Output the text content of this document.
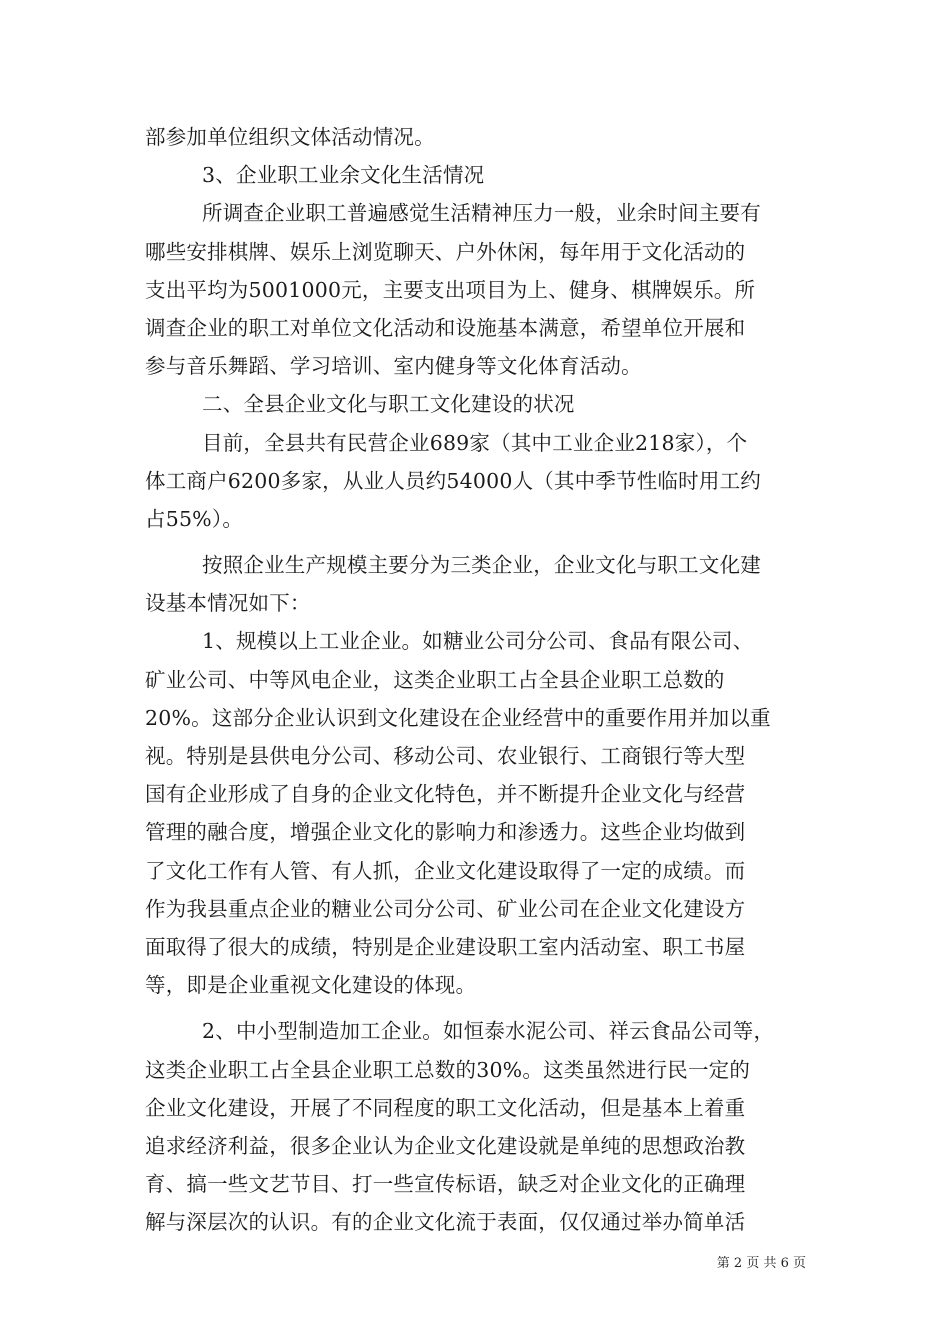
部参加单位组织文体活动情况。
3、企业职工业余文化生活情况
所调查企业职工普遍感觉生活精神压力一般，业余时间主要有
哪些安排棋牌、娱乐上浏览聊天、户外休闲，每年用于文化活动的
支出平均为5001000元，主要支出项目为上、健身、棋牌娱乐。所
调查企业的职工对单位文化活动和设施基本满意，希望单位开展和
参与音乐舞蹈、学习培训、室内健身等文化体育活动。
二、全县企业文化与职工文化建设的状况
目前，全县共有民营企业689家（其中工业企业218家），个
体工商户6200多家，从业人员约54000人（其中季节性临时用工约
占55%）。
按照企业生产规模主要分为三类企业，企业文化与职工文化建
设基本情况如下：
1、规模以上工业企业。如糖业公司分公司、食品有限公司、
矿业公司、中等风电企业，这类企业职工占全县企业职工总数的
20%。这部分企业认识到文化建设在企业经营中的重要作用并加以重
视。特别是县供电分公司、移动公司、农业银行、工商银行等大型
国有企业形成了自身的企业文化特色，并不断提升企业文化与经营
管理的融合度，增强企业文化的影响力和渗透力。这些企业均做到
了文化工作有人管、有人抓，企业文化建设取得了一定的成绩。而
作为我县重点企业的糖业公司分公司、矿业公司在企业文化建设方
面取得了很大的成绩，特别是企业建设职工室内活动室、职工书屋
等，即是企业重视文化建设的体现。
2、中小型制造加工企业。如恒泰水泥公司、祥云食品公司等，
这类企业职工占全县企业职工总数的30%。这类虽然进行民一定的
企业文化建设，开展了不同程度的职工文化活动，但是基本上着重
追求经济利益，很多企业认为企业文化建设就是单纯的思想政治教
育、搞一些文艺节目、打一些宣传标语，缺乏对企业文化的正确理
解与深层次的认识。有的企业文化流于表面，仅仅通过举办简单活
第 2 页 共 6 页
